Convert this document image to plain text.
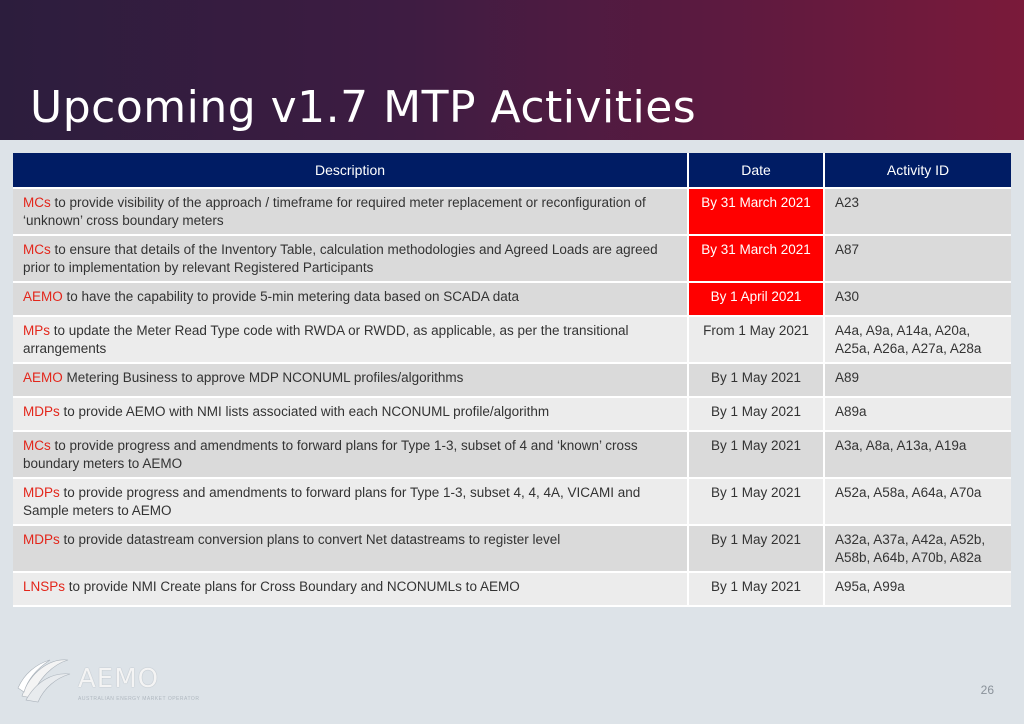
Upcoming v1.7 MTP Activities
Description	Date	Activity ID
MCs to provide visibility of the approach / timeframe for required meter replacement or reconfiguration of ‘unknown’ cross boundary meters	By 31 March 2021	A23
MCs to ensure that details of the Inventory Table, calculation methodologies and Agreed Loads are agreed prior to implementation by relevant Registered Participants	By 31 March 2021	A87
AEMO to have the capability to provide 5-min metering data based on SCADA data	By 1 April 2021	A30
MPs to update the Meter Read Type code with RWDA or RWDD, as applicable, as per the transitional arrangements	From 1 May 2021	A4a, A9a, A14a, A20a, A25a, A26a, A27a, A28a
AEMO Metering Business to approve MDP NCONUML profiles/algorithms	By 1 May 2021	A89
MDPs to provide AEMO with NMI lists associated with each NCONUML profile/algorithm	By 1 May 2021	A89a
MCs to provide progress and amendments to forward plans for Type 1-3, subset of 4 and ‘known’ cross boundary meters to AEMO	By 1 May 2021	A3a, A8a, A13a, A19a
MDPs to provide progress and amendments to forward plans for Type 1-3, subset 4, 4, 4A, VICAMI and Sample meters to AEMO	By 1 May 2021	A52a, A58a, A64a, A70a
MDPs to provide datastream conversion plans to convert Net datastreams to register level	By 1 May 2021	A32a, A37a, A42a, A52b, A58b, A64b, A70b, A82a
LNSPs to provide NMI Create plans for Cross Boundary and NCONUMLs to AEMO	By 1 May 2021	A95a, A99a
AEMO
AUSTRALIAN ENERGY MARKET OPERATOR
26
